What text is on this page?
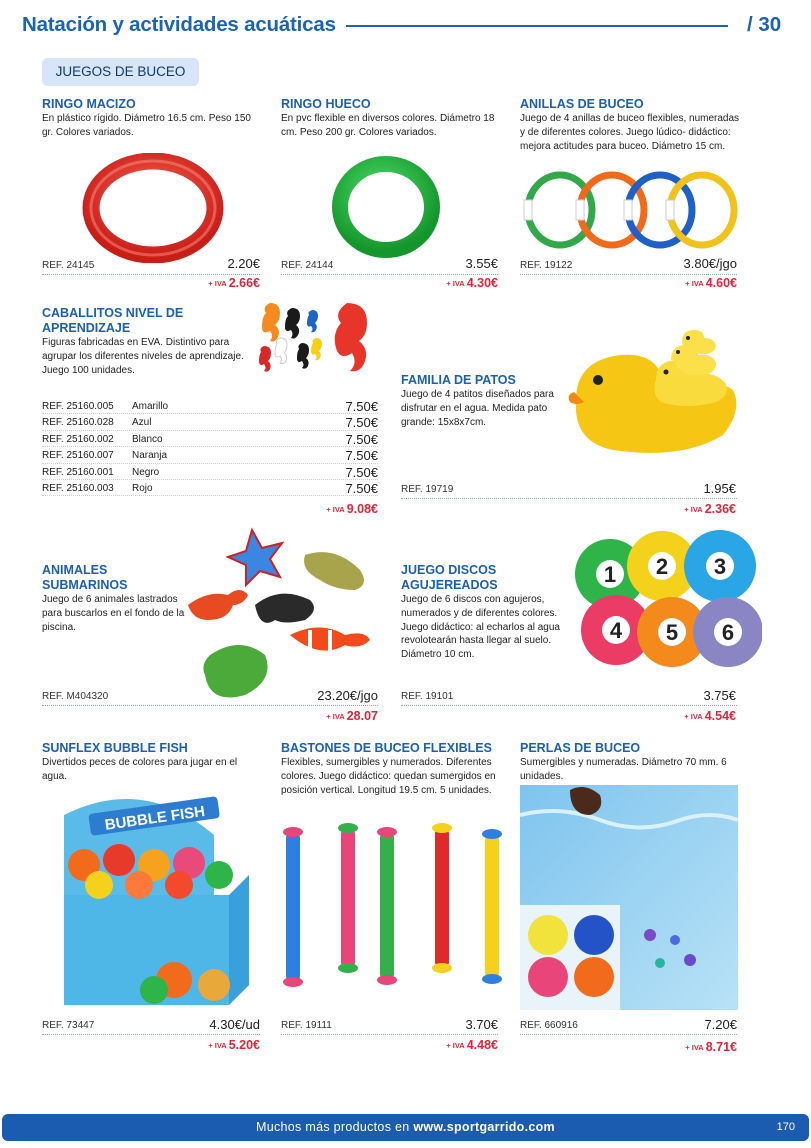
Natación y actividades acuáticas	/ 30
JUEGOS DE BUCEO
RINGO MACIZO
En plástico rígido. Diámetro 16.5 cm. Peso 150 gr. Colores variados.
REF. 24145	2.20€
+ IVA 2.66€
RINGO HUECO
En pvc flexible en diversos colores. Diámetro 18 cm. Peso 200 gr. Colores variados.
REF. 24144	3.55€
+ IVA 4.30€
ANILLAS DE BUCEO
Juego de 4 anillas de buceo flexibles, numeradas y de diferentes colores. Juego lúdico- didáctico: mejora actitudes para buceo. Diámetro 15 cm.
REF. 19122	3.80€/jgo
+ IVA 4.60€
CABALLITOS NIVEL DE APRENDIZAJE
Figuras fabricadas en EVA. Distintivo para agrupar los diferentes niveles de aprendizaje. Juego 100 unidades.
REF. 25160.005 Amarillo	7.50€
REF. 25160.028 Azul	7.50€
REF. 25160.002 Blanco	7.50€
REF. 25160.007 Naranja	7.50€
REF. 25160.001 Negro	7.50€
REF. 25160.003 Rojo	7.50€
+ IVA 9.08€
FAMILIA DE PATOS
Juego de 4 patitos diseñados para disfrutar en el agua. Medida pato grande: 15x8x7cm.
REF. 19719	1.95€
+ IVA 2.36€
ANIMALES SUBMARINOS
Juego de 6 animales lastrados para buscarlos en el fondo de la piscina.
REF. M404320	23.20€/jgo
+ IVA 28.07
JUEGO DISCOS AGUJEREADOS
Juego de 6 discos con agujeros, numerados y de diferentes colores. Juego didáctico: al echarlos al agua revolotearán hasta llegar al suelo. Diámetro 10 cm.
1 2 3
4 5 6
REF. 19101	3.75€
+ IVA 4.54€
SUNFLEX BUBBLE FISH
Divertidos peces de colores para jugar en el agua.
BUBBLE FISH
REF. 73447	4.30€/ud
+ IVA 5.20€
BASTONES DE BUCEO FLEXIBLES
Flexibles, sumergibles y numerados. Diferentes colores. Juego didáctico: quedan sumergidos en posición vertical. Longitud 19.5 cm. 5 unidades.
REF. 19111	3.70€
+ IVA 4.48€
PERLAS DE BUCEO
Sumergibles y numeradas. Diámetro 70 mm. 6 unidades.
REF. 660916	7.20€
+ IVA 8.71€
Muchos más productos en www.sportgarrido.com	170
